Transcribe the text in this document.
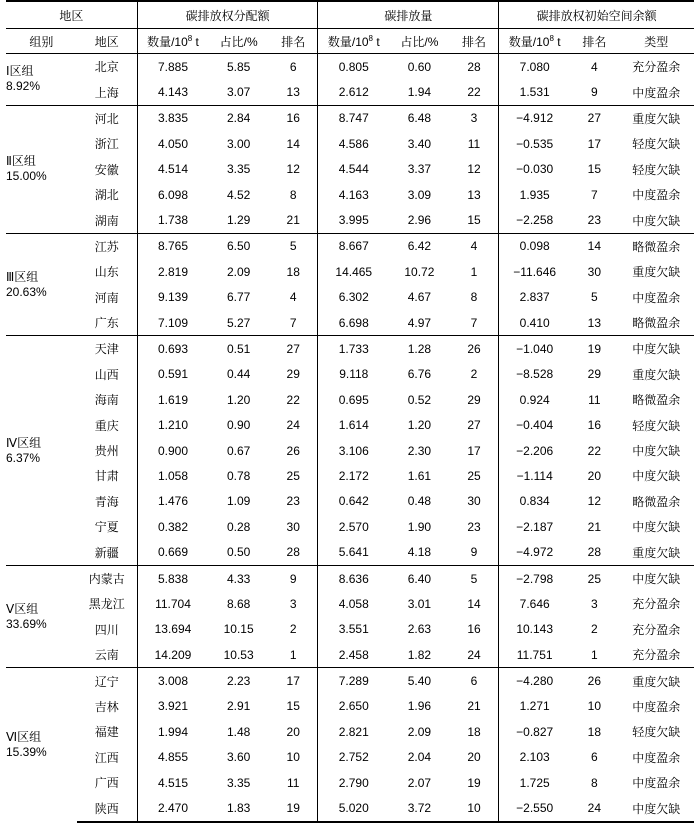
地区		碳排放权分配额			碳排放量			碳排放权初始空间余额		
组别	地区	数量$/10^8$ t	占比/%	排名	数量$/10^8$ t	占比/%	排名	数量$/10^8$ t	排名	类型

Ⅰ区组
8.92%	北京	7.885	5.85	6	0.805	0.60	28	7.080	4	充分盈余
	上海	4.143	3.07	13	2.612	1.94	22	1.531	9	中度盈余

Ⅱ区组
15.00%	河北	3.835	2.84	16	8.747	6.48	3	−4.912	27	重度欠缺
	浙江	4.050	3.00	14	4.586	3.40	11	−0.535	17	轻度欠缺
	安徽	4.514	3.35	12	4.544	3.37	12	−0.030	15	轻度欠缺
	湖北	6.098	4.52	8	4.163	3.09	13	1.935	7	中度盈余
	湖南	1.738	1.29	21	3.995	2.96	15	−2.258	23	中度欠缺

Ⅲ区组
20.63%	江苏	8.765	6.50	5	8.667	6.42	4	0.098	14	略微盈余
	山东	2.819	2.09	18	14.465	10.72	1	−11.646	30	重度欠缺
	河南	9.139	6.77	4	6.302	4.67	8	2.837	5	中度盈余
	广东	7.109	5.27	7	6.698	4.97	7	0.410	13	略微盈余

Ⅳ区组
6.37%	天津	0.693	0.51	27	1.733	1.28	26	−1.040	19	中度欠缺
	山西	0.591	0.44	29	9.118	6.76	2	−8.528	29	重度欠缺
	海南	1.619	1.20	22	0.695	0.52	29	0.924	11	略微盈余
	重庆	1.210	0.90	24	1.614	1.20	27	−0.404	16	轻度欠缺
	贵州	0.900	0.67	26	3.106	2.30	17	−2.206	22	中度欠缺
	甘肃	1.058	0.78	25	2.172	1.61	25	−1.114	20	中度欠缺
	青海	1.476	1.09	23	0.642	0.48	30	0.834	12	略微盈余
	宁夏	0.382	0.28	30	2.570	1.90	23	−2.187	21	中度欠缺
	新疆	0.669	0.50	28	5.641	4.18	9	−4.972	28	重度欠缺

Ⅴ区组
33.69%	内蒙古	5.838	4.33	9	8.636	6.40	5	−2.798	25	中度欠缺
	黑龙江	11.704	8.68	3	4.058	3.01	14	7.646	3	充分盈余
	四川	13.694	10.15	2	3.551	2.63	16	10.143	2	充分盈余
	云南	14.209	10.53	1	2.458	1.82	24	11.751	1	充分盈余

Ⅵ区组
15.39%	辽宁	3.008	2.23	17	7.289	5.40	6	−4.280	26	重度欠缺
	吉林	3.921	2.91	15	2.650	1.96	21	1.271	10	中度盈余
	福建	1.994	1.48	20	2.821	2.09	18	−0.827	18	轻度欠缺
	江西	4.855	3.60	10	2.752	2.04	20	2.103	6	中度盈余
	广西	4.515	3.35	11	2.790	2.07	19	1.725	8	中度盈余
	陕西	2.470	1.83	19	5.020	3.72	10	−2.550	24	中度欠缺
